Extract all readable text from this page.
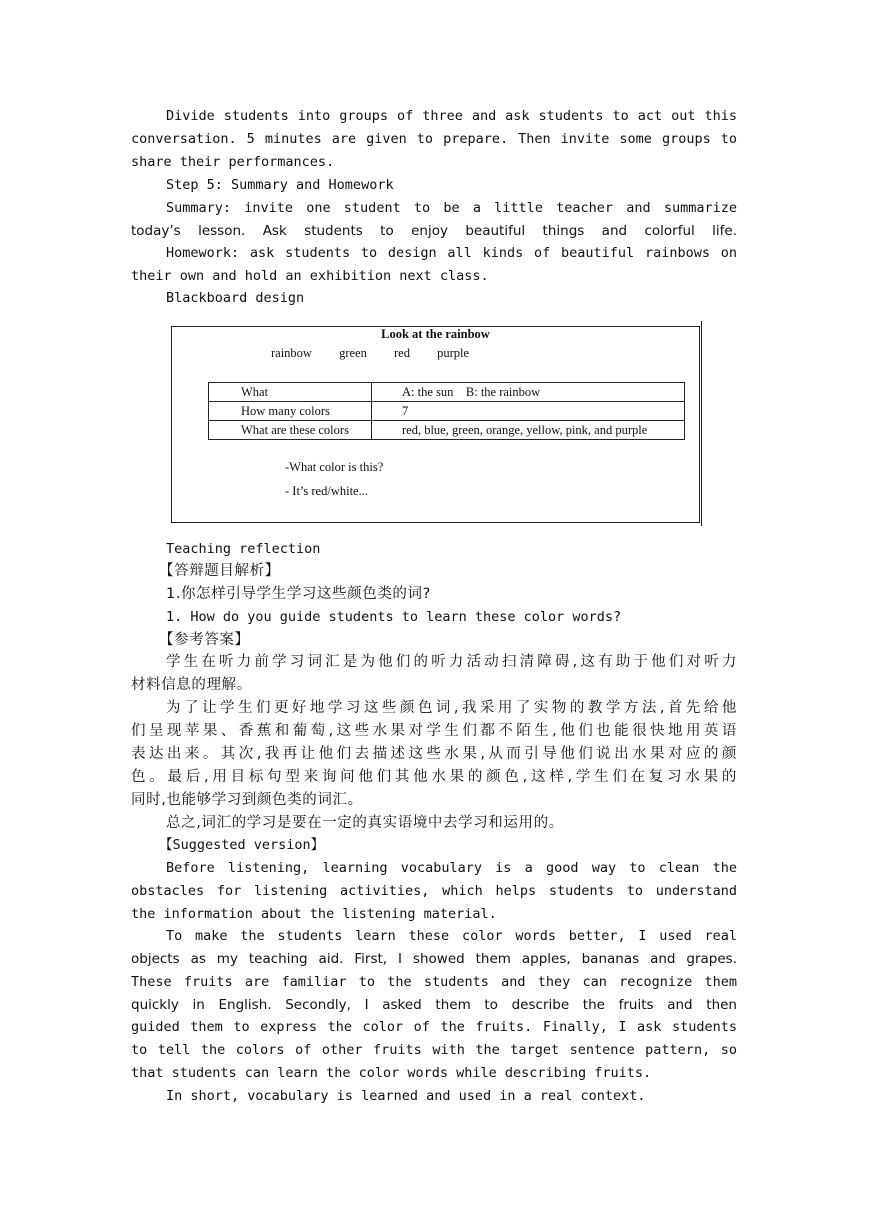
Divide students into groups of three and ask students to act out this

conversation. 5 minutes are given to prepare. Then invite some groups to

share their performances.

Step 5: Summary and Homework

Summary: invite one student to be a little teacher and summarize

today’s lesson. Ask students to enjoy beautiful things and colorful life.

Homework: ask students to design all kinds of beautiful rainbows on

their own and hold an exhibition next class.

Blackboard design

Look at the rainbow
rainbow green red purple
What	A: the sun    B: the rainbow
How many colors	7
What are these colors	red, blue, green, orange, yellow, pink, and purple
-What color is this?
- It’s red/white...

Teaching reflection

【答辩题目解析】

1.你怎样引导学生学习这些颜色类的词?

1. How do you guide students to learn these color words?

【参考答案】

学生在听力前学习词汇是为他们的听力活动扫清障碍,这有助于他们对听力

材料信息的理解。

为了让学生们更好地学习这些颜色词,我采用了实物的教学方法,首先给他

们呈现苹果、香蕉和葡萄,这些水果对学生们都不陌生,他们也能很快地用英语

表达出来。其次,我再让他们去描述这些水果,从而引导他们说出水果对应的颜

色。最后,用目标句型来询问他们其他水果的颜色,这样,学生们在复习水果的

同时,也能够学习到颜色类的词汇。

总之,词汇的学习是要在一定的真实语境中去学习和运用的。

【Suggested version】

Before listening, learning vocabulary is a good way to clean the

obstacles for listening activities, which helps students to understand

the information about the listening material.

To make the students learn these color words better, I used real

objects as my teaching aid. First, I showed them apples, bananas and grapes.

These fruits are familiar to the students and they can recognize them

quickly in English. Secondly, I asked them to describe the fruits and then

guided them to express the color of the fruits. Finally, I ask students

to tell the colors of other fruits with the target sentence pattern, so

that students can learn the color words while describing fruits.

In short, vocabulary is learned and used in a real context.
